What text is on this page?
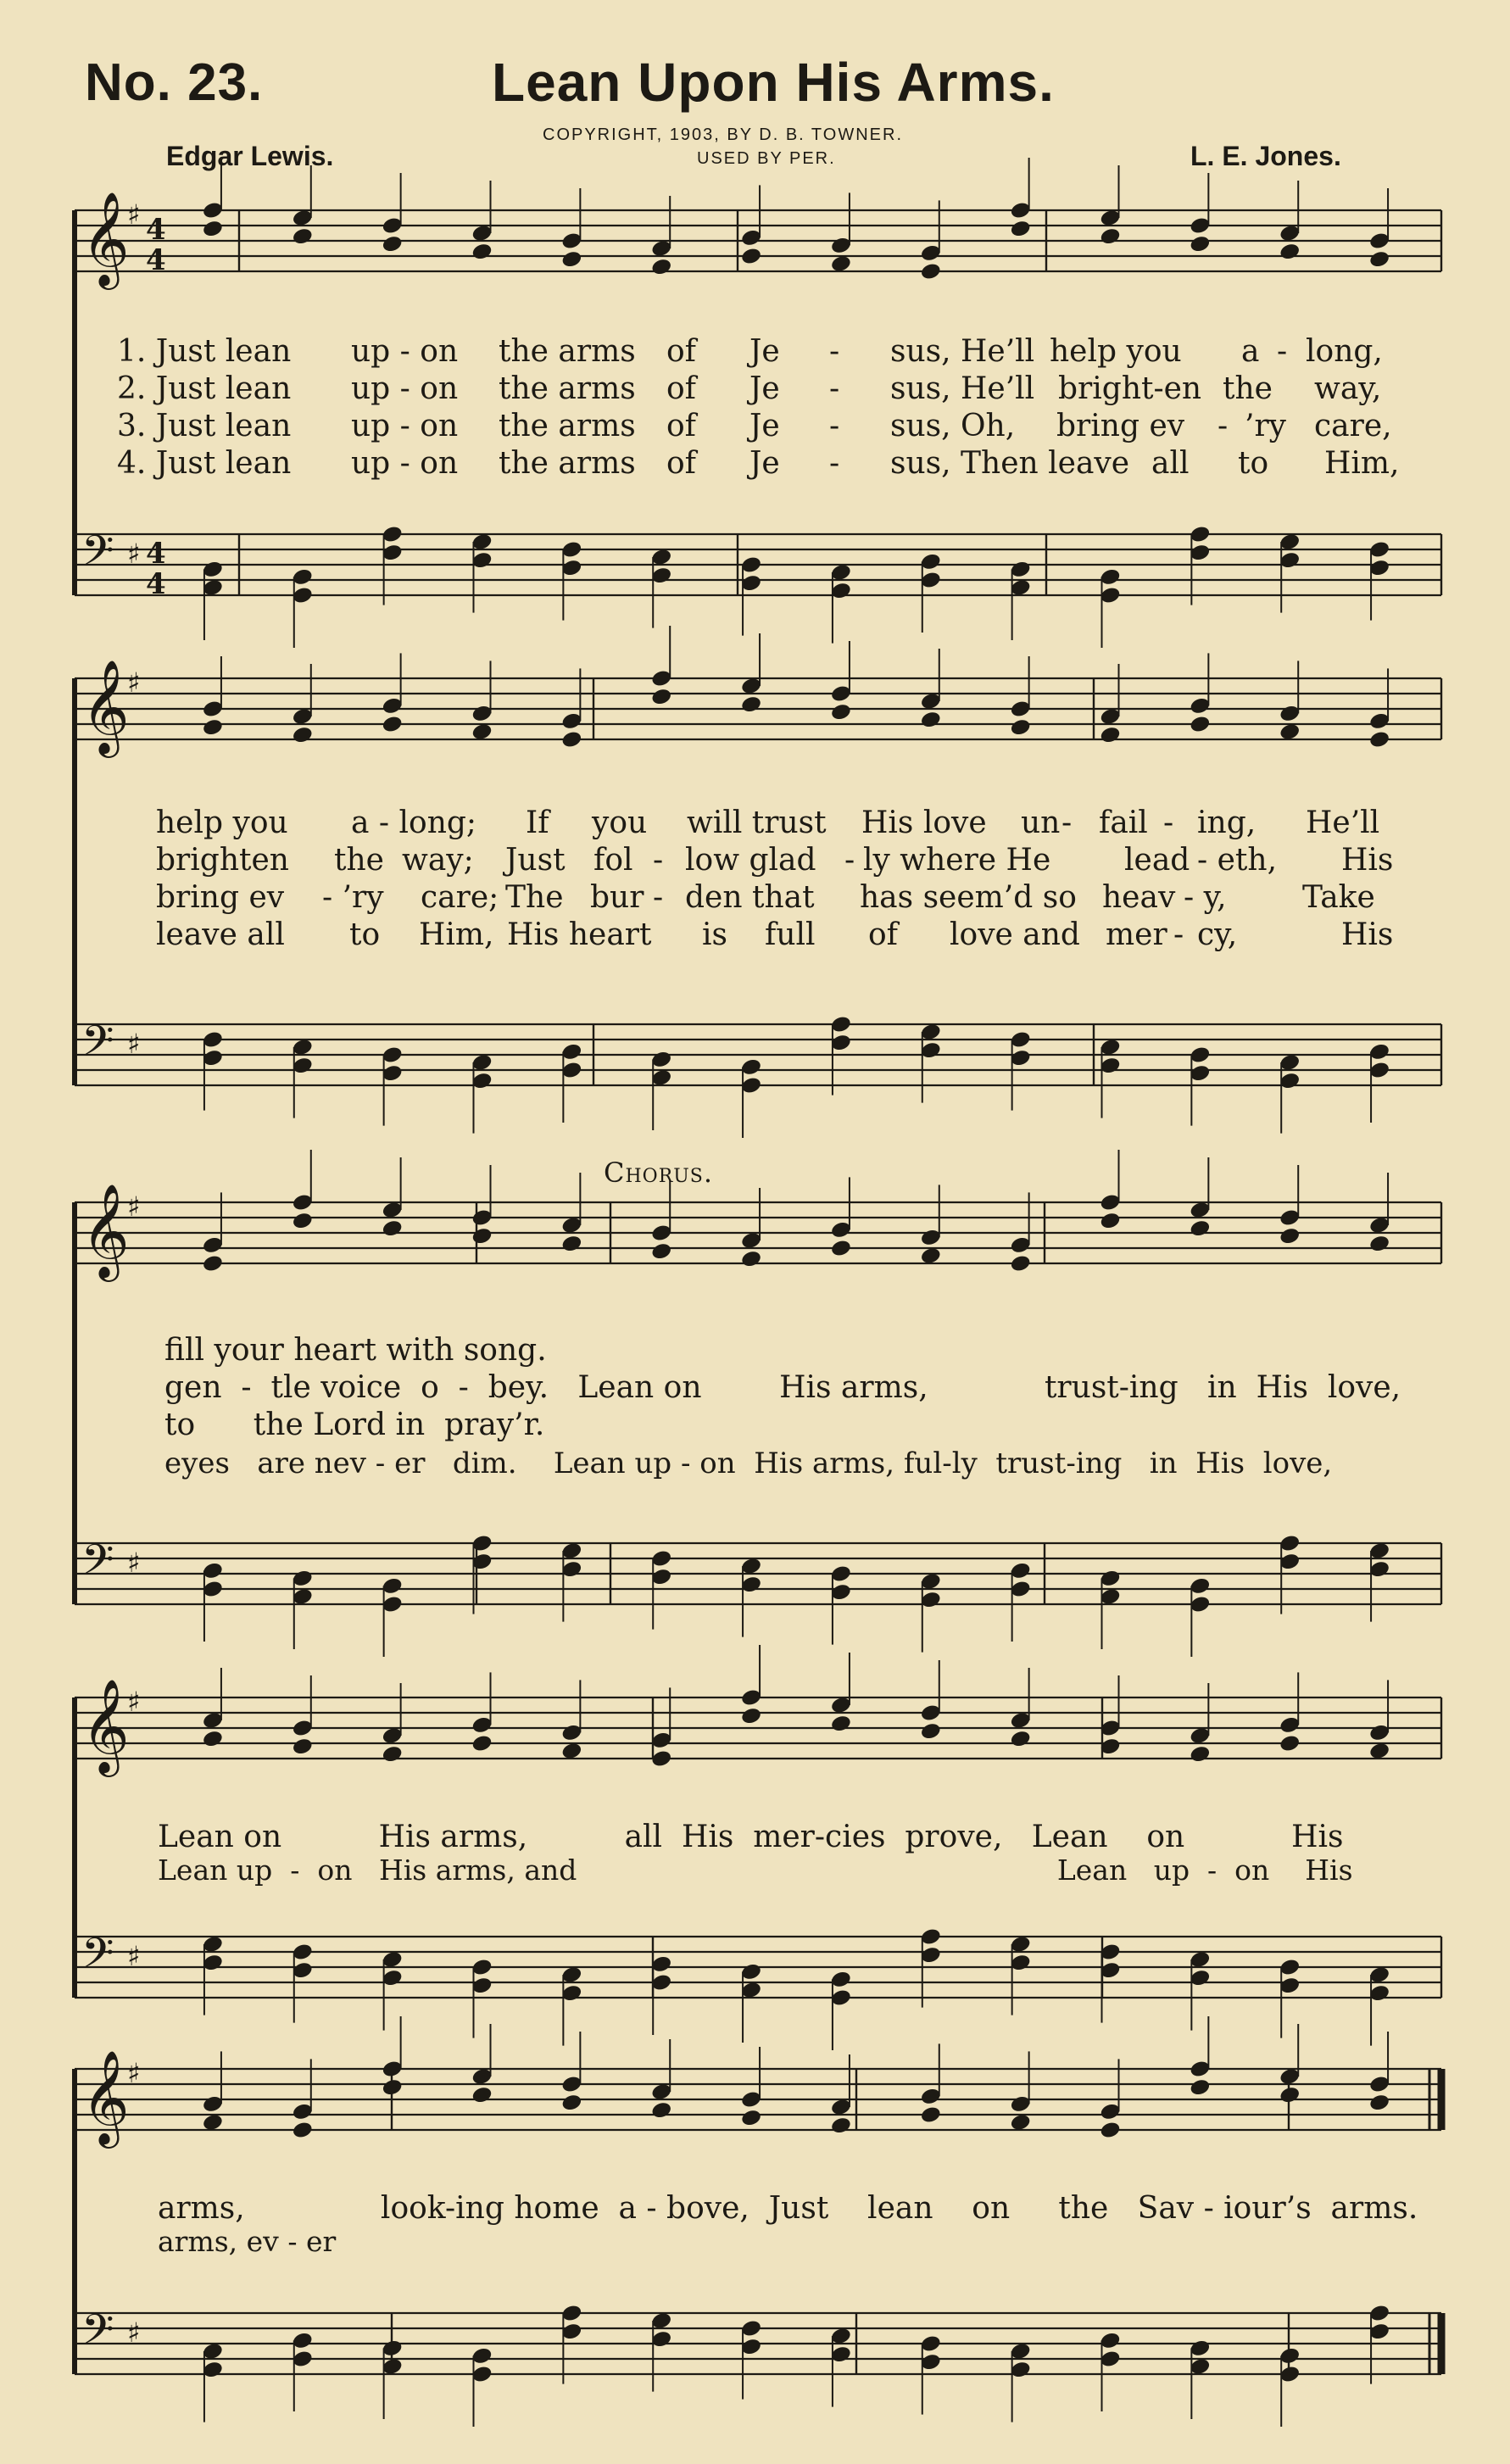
No. 23.	Lean Upon His Arms.
COPYRIGHT, 1903, BY D. B. TOWNER.
USED BY PER.
Edgar Lewis.	L. E. Jones.
𝄞
♯
𝄢 ♯
4
4
4
4
𝄞
♯
𝄢 ♯
𝄞
♯
𝄢 ♯
𝄞
♯
𝄢 ♯
𝄞
♯
𝄢 ♯
1. Just lean up - on the arms of Je - sus, He’ll help you a - long,
2. Just lean up - on the arms of Je - sus, He’ll bright-en the way,
3. Just lean up - on the arms of Je - sus, Oh, bring ev - ’ry care,
4. Just lean up - on the arms of Je - sus, Then leave all to Him,
help you a - long; If you will trust His love un - fail - ing, He’ll
brighten the way; Just fol - low glad - ly where He lead - eth, His
bring ev - ’ry care; The bur - den that has seem’d so heav - y, Take
leave all to Him, His heart is full of love and mer - cy,	His
Chorus.
fill your heart with song.
gen  -  tle voice  o  -  bey.   Lean on        His arms,            trust-ing   in  His  love,
to      the Lord in  pray’r.
eyes   are nev - er   dim.    Lean up - on  His arms, ful-ly  trust-ing   in  His  love,
Lean on          His arms,          all  His  mer-cies  prove,   Lean    on           His
Lean up  -  on   His arms, and                                                      Lean   up  -  on    His
arms,              look-ing home  a - bove,  Just    lean    on     the   Sav - iour’s  arms.
arms, ev - er
